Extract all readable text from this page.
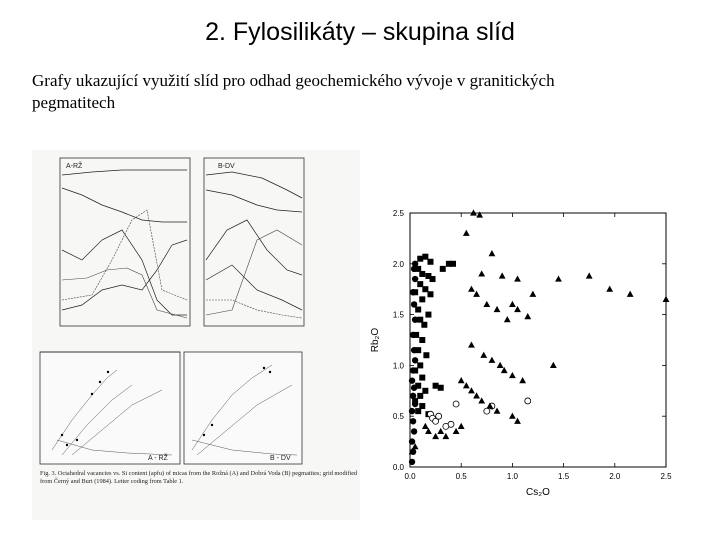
2. Fylosilikáty – skupina slíd
Grafy ukazující využití slíd pro odhad geochemického vývoje v granitických pegmatitech
A-RŽ	B-DV
A - RŽ	B - DV
Fig. 3. Octahedral vacancies vs. Si content (apfu) of micas from the Rožná (A) and Dobrá Voda (B) pegmatites; grid modified from Černý and Burt (1984). Letter coding from Table 1.
0.0
0.5
1.0
1.5
2.0
2.5
0.0	0.5	1.0	1.5	2.0	2.5
Rb₂O
Cs₂O
